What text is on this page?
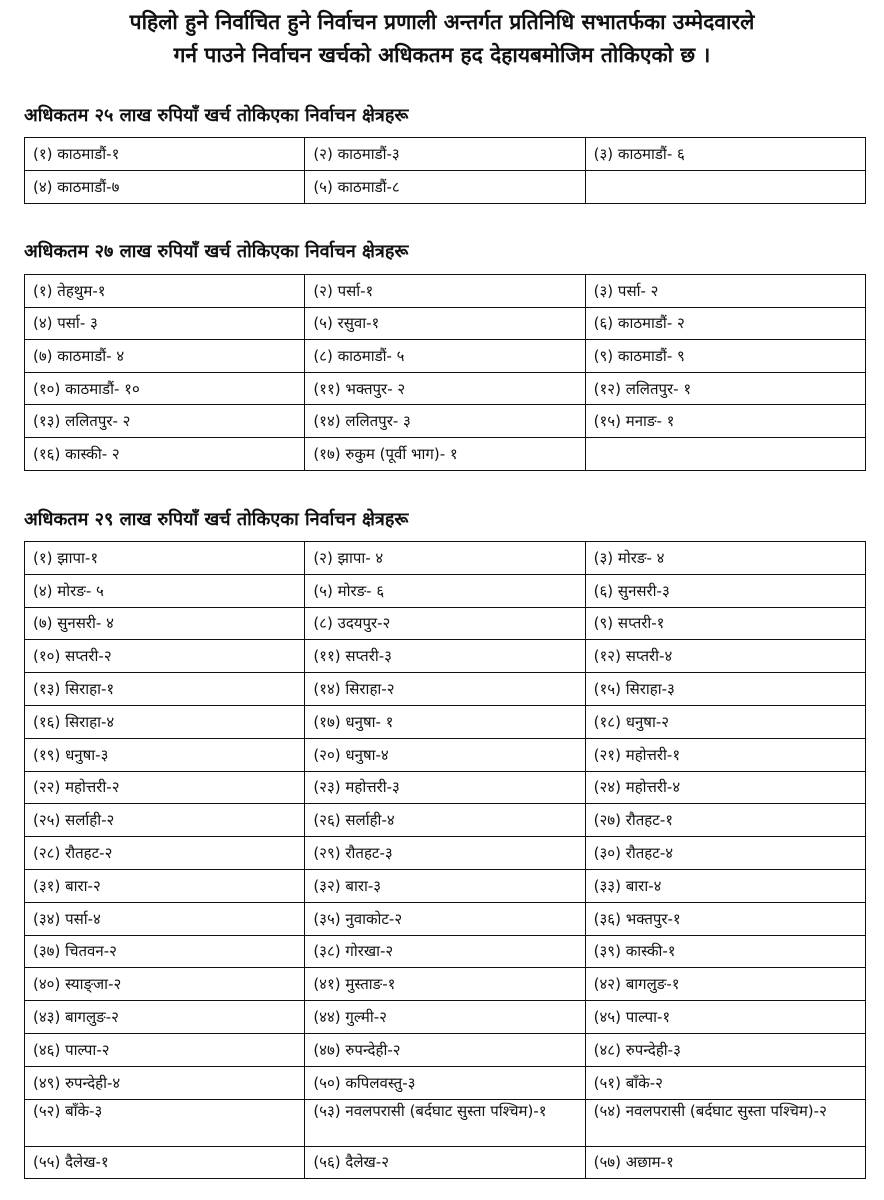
पहिलो हुने निर्वाचित हुने निर्वाचन प्रणाली अन्तर्गत प्रतिनिधि सभातर्फका उम्मेदवारले
गर्न पाउने निर्वाचन खर्चको अधिकतम हद देहायबमोजिम तोकिएको छ ।
अधिकतम २५ लाख रुपियाँ खर्च तोकिएका निर्वाचन क्षेत्रहरू
(१) काठमाडौं-१	(२) काठमाडौं-३	(३) काठमाडौं- ६
(४) काठमाडौं-७	(५) काठमाडौं-८	
अधिकतम २७ लाख रुपियाँ खर्च तोकिएका निर्वाचन क्षेत्रहरू
(१) तेहथुम-१	(२) पर्सा-१	(३) पर्सा- २
(४) पर्सा- ३	(५) रसुवा-१	(६) काठमाडौं- २
(७) काठमाडौं- ४	(८) काठमाडौं- ५	(९) काठमाडौं- ९
(१०) काठमाडौं- १०	(११) भक्तपुर- २	(१२) ललितपुर- १
(१३) ललितपुर- २	(१४) ललितपुर- ३	(१५) मनाङ- १
(१६) कास्की- २	(१७) रुकुम (पूर्वी भाग)- १	
अधिकतम २९ लाख रुपियाँ खर्च तोकिएका निर्वाचन क्षेत्रहरू
(१) झापा-१	(२) झापा- ४	(३) मोरङ- ४
(४) मोरङ- ५	(५) मोरङ- ६	(६) सुनसरी-३
(७) सुनसरी- ४	(८) उदयपुर-२	(९) सप्तरी-१
(१०) सप्तरी-२	(११) सप्तरी-३	(१२) सप्तरी-४
(१३) सिराहा-१	(१४) सिराहा-२	(१५) सिराहा-३
(१६) सिराहा-४	(१७) धनुषा- १	(१८) धनुषा-२
(१९) धनुषा-३	(२०) धनुषा-४	(२१) महोत्तरी-१
(२२) महोत्तरी-२	(२३) महोत्तरी-३	(२४) महोत्तरी-४
(२५) सर्लाही-२	(२६) सर्लाही-४	(२७) रौतहट-१
(२८) रौतहट-२	(२९) रौतहट-३	(३०) रौतहट-४
(३१) बारा-२	(३२) बारा-३	(३३) बारा-४
(३४) पर्सा-४	(३५) नुवाकोट-२	(३६) भक्तपुर-१
(३७) चितवन-२	(३८) गोरखा-२	(३९) कास्की-१
(४०) स्याङ्जा-२	(४१) मुस्ताङ-१	(४२) बागलुङ-१
(४३) बागलुङ-२	(४४) गुल्मी-२	(४५) पाल्पा-१
(४६) पाल्पा-२	(४७) रुपन्देही-२	(४८) रुपन्देही-३
(४९) रुपन्देही-४	(५०) कपिलवस्तु-३	(५१) बाँके-२
(५२) बाँके-३	(५३) नवलपरासी (बर्दघाट सुस्ता पश्चिम)-१	(५४) नवलपरासी (बर्दघाट सुस्ता पश्चिम)-२
(५५) दैलेख-१	(५६) दैलेख-२	(५७) अछाम-१
